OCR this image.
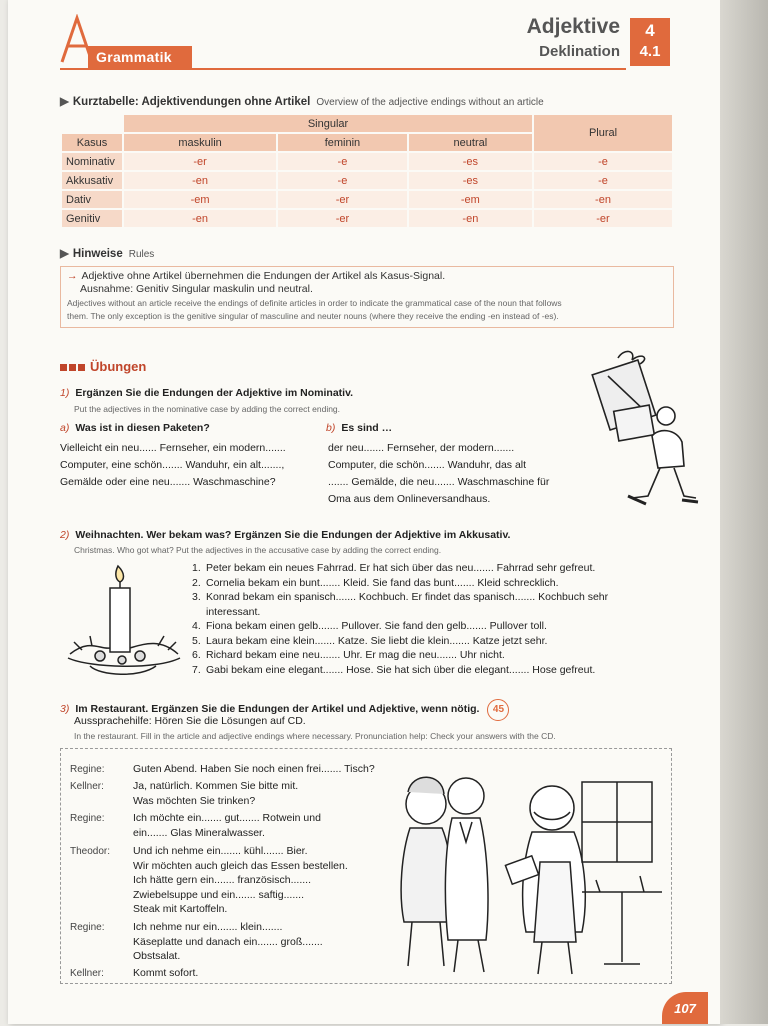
Grammatik
Adjektive
Deklination
4
4.1
▶ Kurztabelle: Adjektivendungen ohne Artikel Overview of the adjective endings without an article
	Singular			Plural
Kasus	maskulin	feminin	neutral	
Nominativ	-er	-e	-es	-e
Akkusativ	-en	-e	-es	-e
Dativ	-em	-er	-em	-en
Genitiv	-en	-er	-en	-er
▶ Hinweise Rules
→ Adjektive ohne Artikel übernehmen die Endungen der Artikel als Kasus-Signal.
Ausnahme: Genitiv Singular maskulin und neutral.
Adjectives without an article receive the endings of definite articles in order to indicate the grammatical case of the noun that follows
them. The only exception is the genitive singular of masculine and neuter nouns (where they receive the ending -en instead of -es).
Übungen
1) Ergänzen Sie die Endungen der Adjektive im Nominativ.
Put the adjectives in the nominative case by adding the correct ending.
a) Was ist in diesen Paketen?
Vielleicht ein neu...... Fernseher, ein modern.......
Computer, eine schön....... Wanduhr, ein alt.......,
Gemälde oder eine neu....... Waschmaschine?
b) Es sind …
der neu....... Fernseher, der modern.......
Computer, die schön....... Wanduhr, das alt
....... Gemälde, die neu....... Waschmaschine für
Oma aus dem Onlineversandhaus.
2) Weihnachten. Wer bekam was? Ergänzen Sie die Endungen der Adjektive im Akkusativ.
Christmas. Who got what? Put the adjectives in the accusative case by adding the correct ending.
1. Peter bekam ein neues Fahrrad. Er hat sich über das neu....... Fahrrad sehr gefreut.
2. Cornelia bekam ein bunt....... Kleid. Sie fand das bunt....... Kleid schrecklich.
3. Konrad bekam ein spanisch....... Kochbuch. Er findet das spanisch....... Kochbuch sehr
interessant.
4. Fiona bekam einen gelb....... Pullover. Sie fand den gelb....... Pullover toll.
5. Laura bekam eine klein....... Katze. Sie liebt die klein....... Katze jetzt sehr.
6. Richard bekam eine neu....... Uhr. Er mag die neu....... Uhr nicht.
7. Gabi bekam eine elegant....... Hose. Sie hat sich über die elegant....... Hose gefreut.
3) Im Restaurant. Ergänzen Sie die Endungen der Artikel und Adjektive, wenn nötig. 45
Aussprachehilfe: Hören Sie die Lösungen auf CD.
In the restaurant. Fill in the article and adjective endings where necessary. Pronunciation help: Check your answers with the CD.
Regine:	Guten Abend. Haben Sie noch einen frei....... Tisch?
Kellner:	Ja, natürlich. Kommen Sie bitte mit.
Was möchten Sie trinken?
Regine:	Ich möchte ein....... gut....... Rotwein und
ein....... Glas Mineralwasser.
Theodor: Und ich nehme ein....... kühl....... Bier.
Wir möchten auch gleich das Essen bestellen.
Ich hätte gern ein....... französisch.......
Zwiebelsuppe und ein....... saftig.......
Steak mit Kartoffeln.
Regine:	Ich nehme nur ein....... klein.......
Käseplatte und danach ein....... groß.......
Obstsalat.
Kellner:	Kommt sofort.
107
